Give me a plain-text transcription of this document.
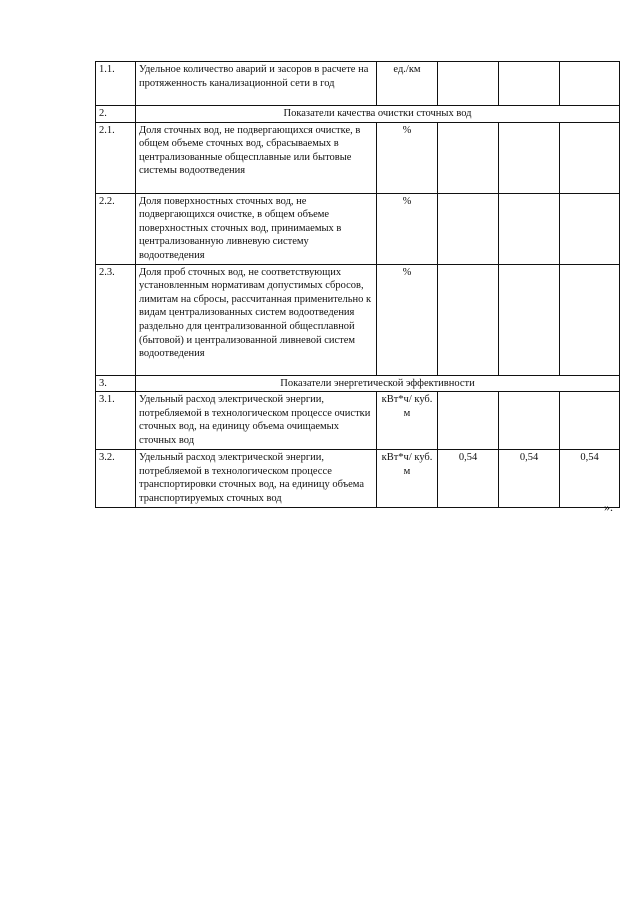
1.1.	Удельное количество аварий и засоров в расчете на протяженность канализационной сети в год	ед./км			
2.	Показатели качества очистки сточных вод				
2.1.	Доля сточных вод, не подвергающихся очистке, в общем объеме сточных вод, сбрасываемых в централизованные общесплавные или бытовые системы водоотведения	%			
2.2.	Доля поверхностных сточных вод, не подвергающихся очистке, в общем объеме поверхностных сточных вод, принимаемых в централизованную ливневую систему водоотведения	%			
2.3.	Доля проб сточных вод, не соответствующих установленным нормативам допустимых сбросов, лимитам на сбросы, рассчитанная применительно к видам централизованных систем водоотведения раздельно для централизованной общесплавной (бытовой) и централизованной ливневой систем водоотведения	%			
3.	Показатели энергетической эффективности				
3.1.	Удельный расход электрической энергии, потребляемой в технологическом процессе очистки сточных вод, на единицу объема очищаемых сточных вод	кВт*ч/ куб. м			
3.2.	Удельный расход электрической энергии, потребляемой в технологическом процессе транспортировки сточных вод, на единицу объема транспортируемых сточных вод	кВт*ч/ куб. м	0,54	0,54	0,54
».
